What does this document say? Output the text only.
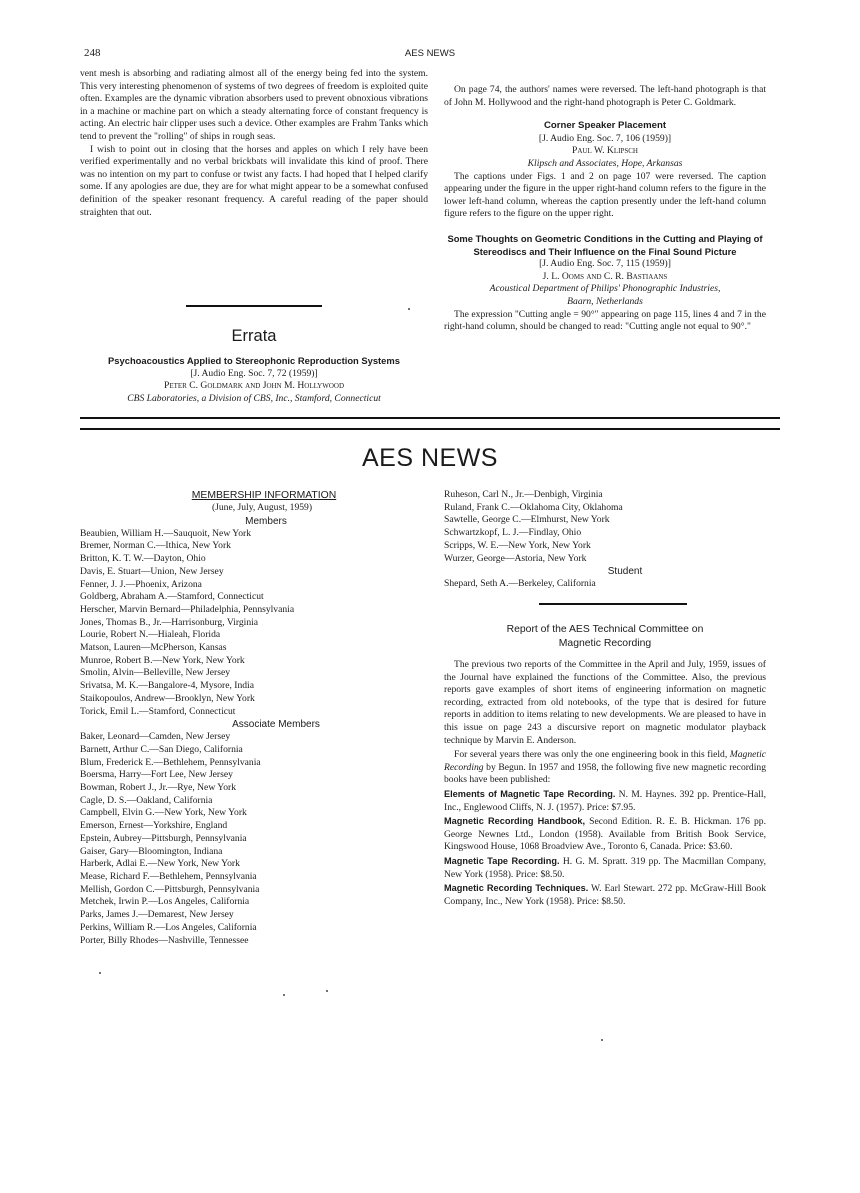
248	AES NEWS

vent mesh is absorbing and radiating almost all of the energy being fed into the system. This very interesting phenomenon of systems of two degrees of freedom is exploited quite often. Examples are the dynamic vibration absorbers used to prevent obnoxious vibrations in a machine or machine part on which a steady alternating force of constant frequency is acting. An electric hair clipper uses such a device. Other examples are Frahm Tanks which tend to prevent the "rolling" of ships in rough seas.

I wish to point out in closing that the horses and apples on which I rely have been verified experimentally and no verbal brickbats will invalidate this kind of proof. There was no intention on my part to confuse or twist any facts. I had hoped that I helped clarify some. If any apologies are due, they are for what might appear to be a somewhat confused definition of the speaker resonant frequency. A careful reading of the paper should straighten that out.

Errata

Psychoacoustics Applied to Stereophonic Reproduction Systems

[J. Audio Eng. Soc. 7, 72 (1959)]

Peter C. Goldmark and John M. Hollywood

CBS Laboratories, a Division of CBS, Inc., Stamford, Connecticut

On page 74, the authors' names were reversed. The left-hand photograph is that of John M. Hollywood and the right-hand photograph is Peter C. Goldmark.

Corner Speaker Placement

[J. Audio Eng. Soc. 7, 106 (1959)]

Paul W. Klipsch

Klipsch and Associates, Hope, Arkansas

The captions under Figs. 1 and 2 on page 107 were reversed. The caption appearing under the figure in the upper right-hand column refers to the figure in the lower left-hand column, whereas the caption presently under the left-hand column figure refers to the figure on the upper right.

Some Thoughts on Geometric Conditions in the Cutting and Playing of Stereodiscs and Their Influence on the Final Sound Picture

[J. Audio Eng. Soc. 7, 115 (1959)]

J. L. Ooms and C. R. Bastiaans

Acoustical Department of Philips' Phonographic Industries,

Baarn, Netherlands

The expression "Cutting angle = 90°" appearing on page 115, lines 4 and 7 in the right-hand column, should be changed to read: "Cutting angle not equal to 90°."

AES NEWS
MEMBERSHIP INFORMATION
(June, July, August, 1959)
Members
Beaubien, William H.—Sauquoit, New York
Bremer, Norman C.—Ithica, New York
Britton, K. T. W.—Dayton, Ohio
Davis, E. Stuart—Union, New Jersey
Fenner, J. J.—Phoenix, Arizona
Goldberg, Abraham A.—Stamford, Connecticut
Herscher, Marvin Bernard—Philadelphia, Pennsylvania
Jones, Thomas B., Jr.—Harrisonburg, Virginia
Lourie, Robert N.—Hialeah, Florida
Matson, Lauren—McPherson, Kansas
Munroe, Robert B.—New York, New York
Smolin, Alvin—Belleville, New Jersey
Srivatsa, M. K.—Bangalore-4, Mysore, India
Staikopoulos, Andrew—Brooklyn, New York
Torick, Emil L.—Stamford, Connecticut
Associate Members
Baker, Leonard—Camden, New Jersey
Barnett, Arthur C.—San Diego, California
Blum, Frederick E.—Bethlehem, Pennsylvania
Boersma, Harry—Fort Lee, New Jersey
Bowman, Robert J., Jr.—Rye, New York
Cagle, D. S.—Oakland, California
Campbell, Elvin G.—New York, New York
Emerson, Ernest—Yorkshire, England
Epstein, Aubrey—Pittsburgh, Pennsylvania
Gaiser, Gary—Bloomington, Indiana
Harberk, Adlai E.—New York, New York
Mease, Richard F.—Bethlehem, Pennsylvania
Mellish, Gordon C.—Pittsburgh, Pennsylvania
Metchek, Irwin P.—Los Angeles, California
Parks, James J.—Demarest, New Jersey
Perkins, William R.—Los Angeles, California
Porter, Billy Rhodes—Nashville, Tennessee
Ruheson, Carl N., Jr.—Denbigh, Virginia
Ruland, Frank C.—Oklahoma City, Oklahoma
Sawtelle, George C.—Elmhurst, New York
Schwartzkopf, L. J.—Findlay, Ohio
Scripps, W. E.—New York, New York
Wurzer, George—Astoria, New York
Student
Shepard, Seth A.—Berkeley, California
Report of the AES Technical Committee on
Magnetic Recording

The previous two reports of the Committee in the April and July, 1959, issues of the Journal have explained the functions of the Committee. Also, the previous reports gave examples of short items of engineering information on magnetic recording, extracted from old notebooks, of the type that is desired for future reports in addition to items relating to new developments. We are pleased to have in this issue on page 243 a discursive report on magnetic modulator playback technique by Marvin E. Anderson.

For several years there was only the one engineering book in this field, Magnetic Recording by Begun. In 1957 and 1958, the following five new magnetic recording books have been published:

Elements of Magnetic Tape Recording. N. M. Haynes. 392 pp. Prentice-Hall, Inc., Englewood Cliffs, N. J. (1957). Price: $7.95.

Magnetic Recording Handbook, Second Edition. R. E. B. Hickman. 176 pp. George Newnes Ltd., London (1958). Available from British Book Service, Kingswood House, 1068 Broadview Ave., Toronto 6, Canada. Price: $3.60.

Magnetic Tape Recording. H. G. M. Spratt. 319 pp. The Macmillan Company, New York (1958). Price: $8.50.

Magnetic Recording Techniques. W. Earl Stewart. 272 pp. McGraw-Hill Book Company, Inc., New York (1958). Price: $8.50.
